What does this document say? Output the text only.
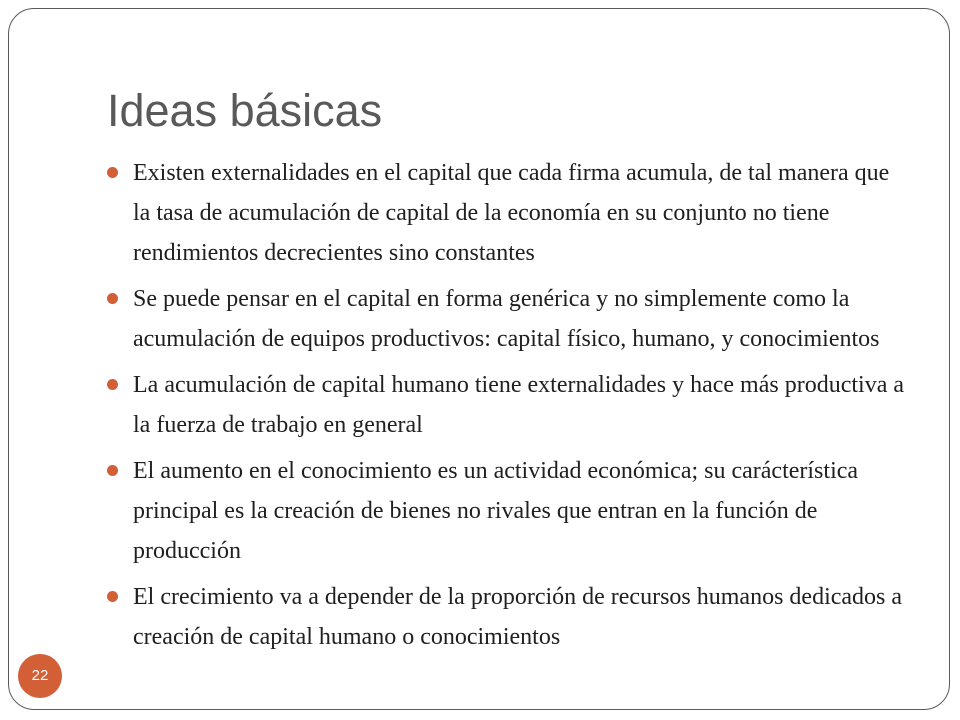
Ideas básicas
Existen externalidades en el capital que cada firma acumula, de tal manera que la tasa de acumulación de capital de la economía en su conjunto no tiene rendimientos decrecientes sino constantes
Se puede pensar en el capital en forma genérica y no simplemente como la acumulación de equipos productivos: capital físico, humano, y conocimientos
La acumulación de capital humano tiene externalidades y hace más productiva a la fuerza de trabajo en general
El aumento en el conocimiento es un actividad económica; su carácterística principal es la creación de bienes no rivales que entran en la función de producción
El crecimiento va a depender de la proporción de recursos humanos dedicados a creación de capital humano o conocimientos
22
